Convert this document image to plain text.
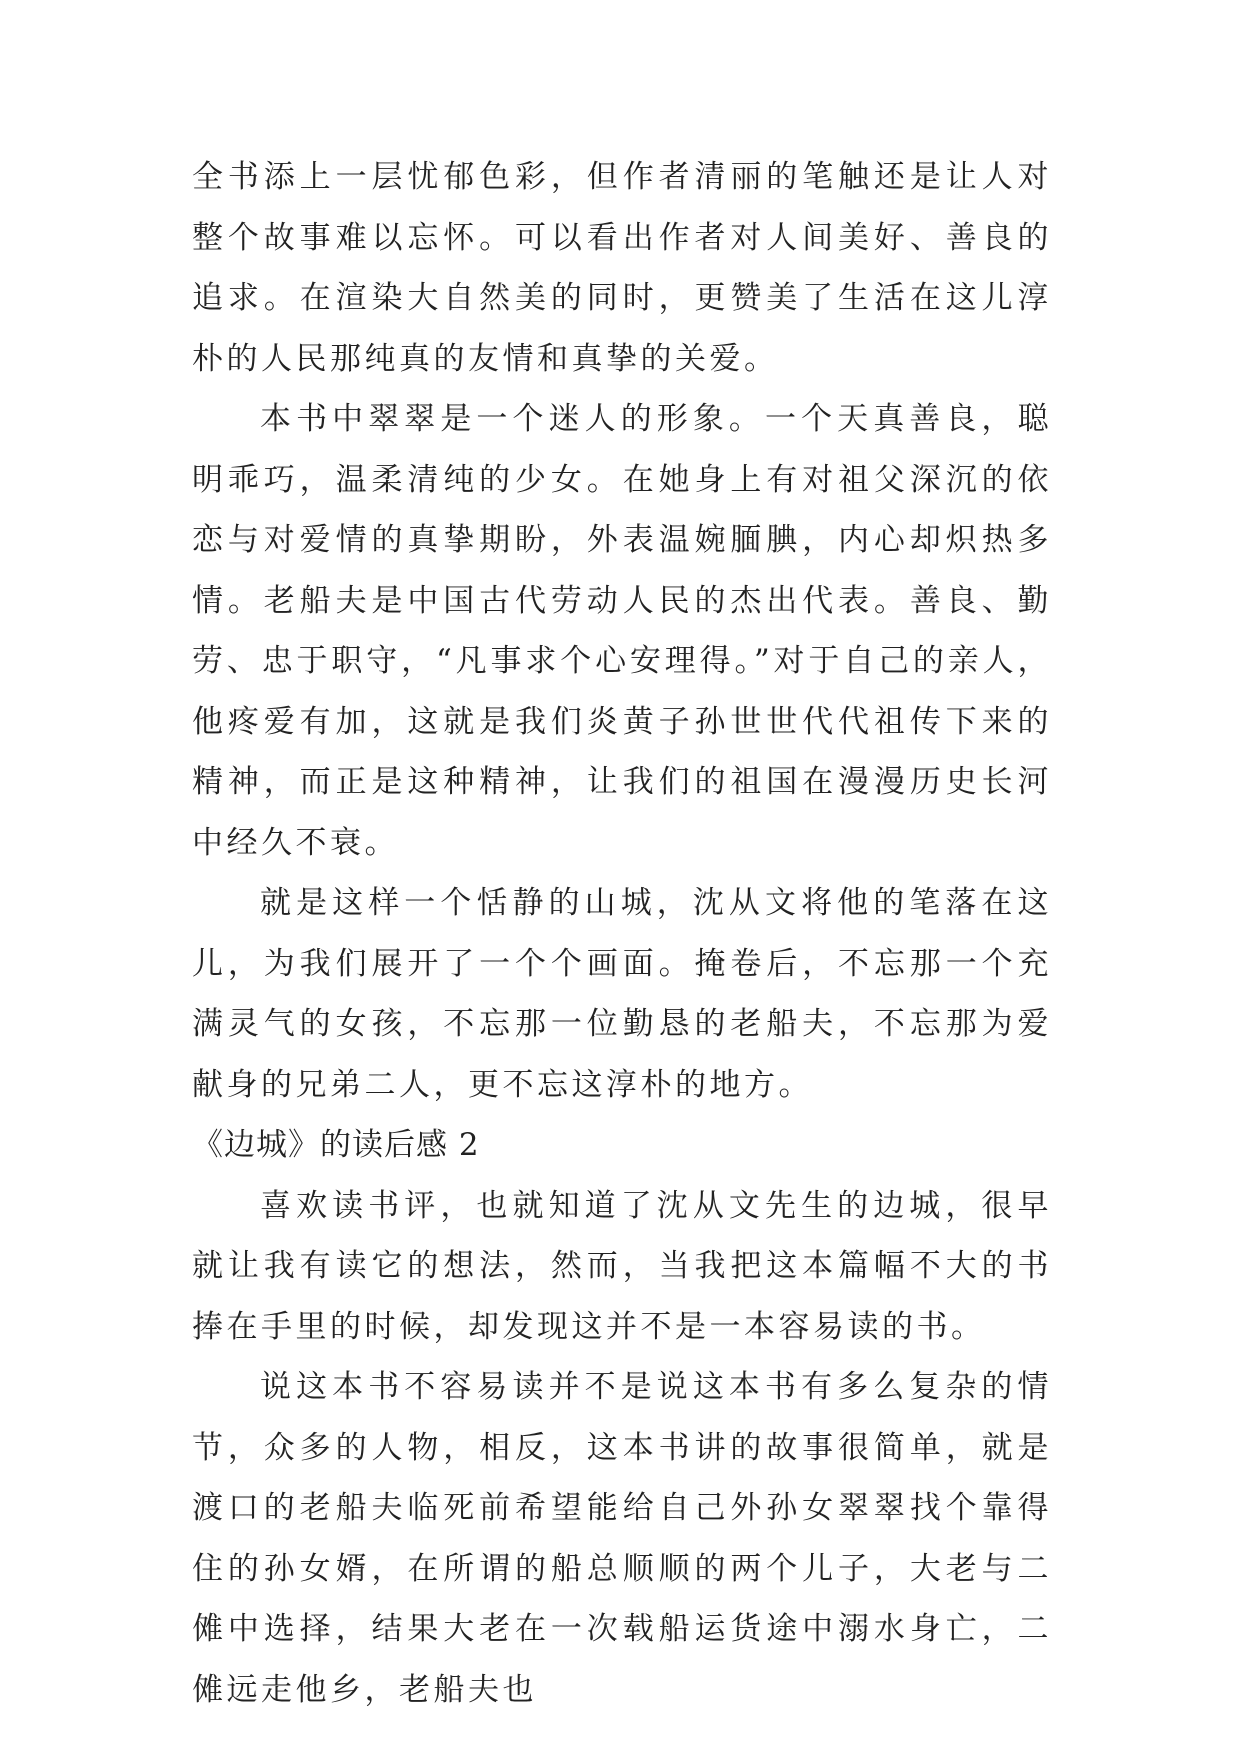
全书添上一层忧郁色彩，但作者清丽的笔触还是让人对整个故事难以忘怀。可以看出作者对人间美好、善良的追求。在渲染大自然美的同时，更赞美了生活在这儿淳朴的人民那纯真的友情和真挚的关爱。

本书中翠翠是一个迷人的形象。一个天真善良，聪明乖巧，温柔清纯的少女。在她身上有对祖父深沉的依恋与对爱情的真挚期盼，外表温婉腼腆，内心却炽热多情。老船夫是中国古代劳动人民的杰出代表。善良、勤劳、忠于职守，“凡事求个心安理得。”对于自己的亲人，他疼爱有加，这就是我们炎黄子孙世世代代祖传下来的精神，而正是这种精神，让我们的祖国在漫漫历史长河中经久不衰。

就是这样一个恬静的山城，沈从文将他的笔落在这儿，为我们展开了一个个画面。掩卷后，不忘那一个充满灵气的女孩，不忘那一位勤恳的老船夫，不忘那为爱献身的兄弟二人，更不忘这淳朴的地方。

《边城》的读后感 2

喜欢读书评，也就知道了沈从文先生的边城，很早就让我有读它的想法，然而，当我把这本篇幅不大的书捧在手里的时候，却发现这并不是一本容易读的书。

说这本书不容易读并不是说这本书有多么复杂的情节，众多的人物，相反，这本书讲的故事很简单，就是渡口的老船夫临死前希望能给自己外孙女翠翠找个靠得住的孙女婿，在所谓的船总顺顺的两个儿子，大老与二傩中选择，结果大老在一次载船运货途中溺水身亡，二傩远走他乡，老船夫也
